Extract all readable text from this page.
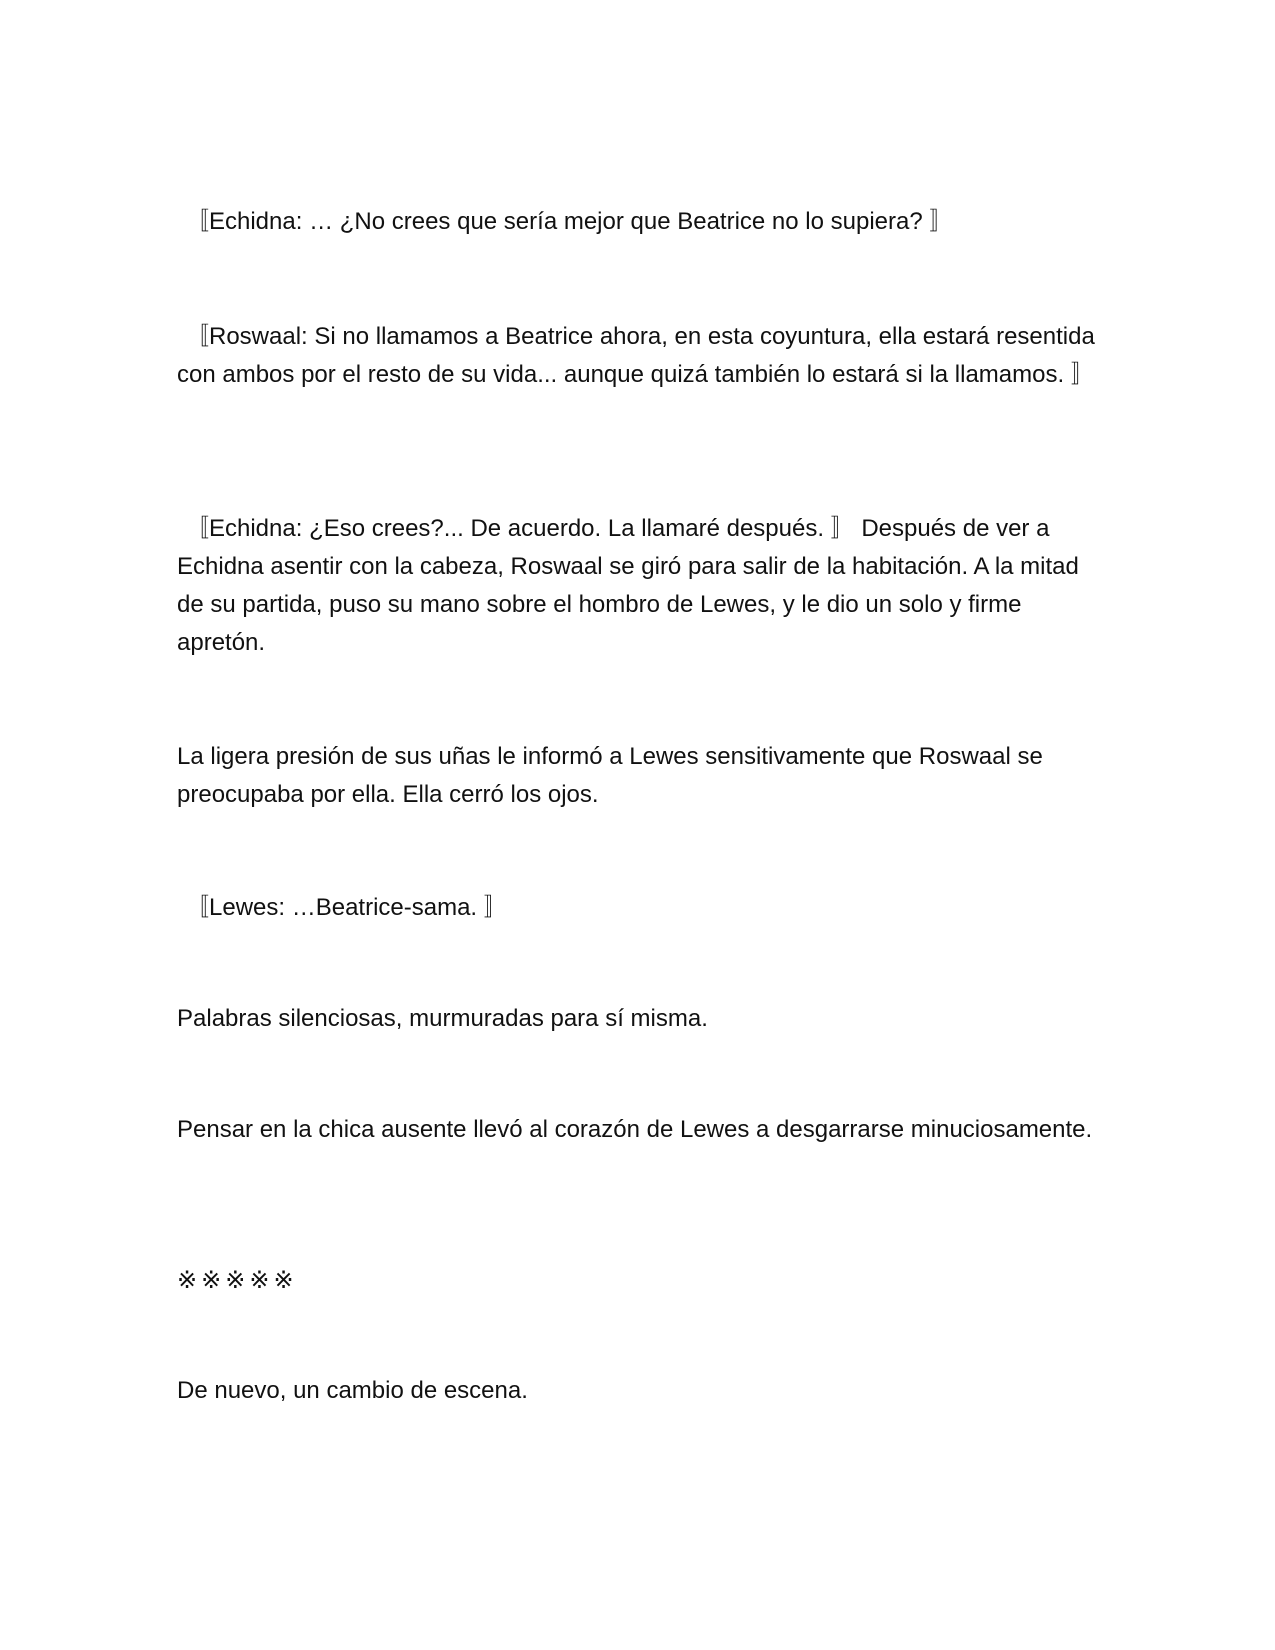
〚Echidna: … ¿No crees que sería mejor que Beatrice no lo supiera? 〛

〚Roswaal: Si no llamamos a Beatrice ahora, en esta coyuntura, ella estará resentida con ambos por el resto de su vida... aunque quizá también lo estará si la llamamos. 〛

〚Echidna: ¿Eso crees?... De acuerdo. La llamaré después. 〛 Después de ver a Echidna asentir con la cabeza, Roswaal se giró para salir de la habitación. A la mitad de su partida, puso su mano sobre el hombro de Lewes, y le dio un solo y firme apretón.

La ligera presión de sus uñas le informó a Lewes sensitivamente que Roswaal se preocupaba por ella. Ella cerró los ojos.

〚Lewes: …Beatrice-sama. 〛

Palabras silenciosas, murmuradas para sí misma.

Pensar en la chica ausente llevó al corazón de Lewes a desgarrarse minuciosamente.

※※※※※

De nuevo, un cambio de escena.
